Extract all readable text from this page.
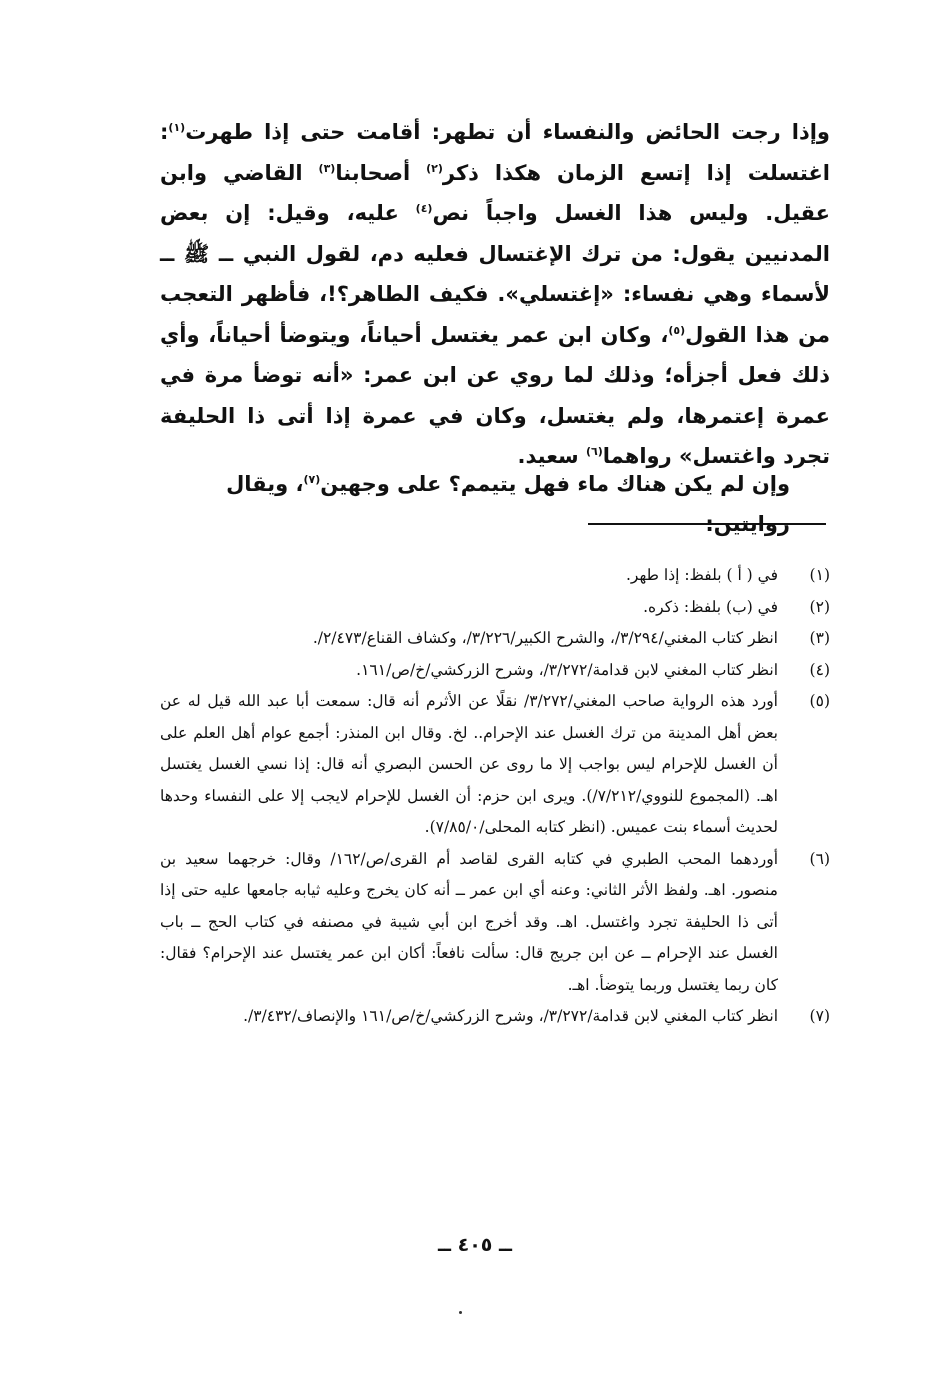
وإذا رجت الحائض والنفساء أن تطهر: أقامت حتى إذا طهرت$^{(١)}$: اغتسلت إذا إتسع الزمان هكذا ذكر$^{(٢)}$ أصحابنا$^{(٣)}$ القاضي وابن عقيل. وليس هذا الغسل واجباً نص$^{(٤)}$ عليه، وقيل: إن بعض المدنيين يقول: من ترك الإغتسال فعليه دم، لقول النبي ــ ﷺ ــ لأسماء وهي نفساء: «إغتسلي». فكيف الطاهر؟!، فأظهر التعجب من هذا القول$^{(٥)}$، وكان ابن عمر يغتسل أحياناً، ويتوضأ أحياناً، وأي ذلك فعل أجزأه؛ وذلك لما روي عن ابن عمر: «أنه توضأ مرة في عمرة إعتمرها، ولم يغتسل، وكان في عمرة إذا أتى ذا الحليفة تجرد واغتسل» رواهما$^{(٦)}$ سعيد.

وإن لم يكن هناك ماء فهل يتيمم؟ على وجهين$^{(٧)}$، ويقال روايتين:

(١)
في ( أ ) بلفظ: إذا طهر.
(٢)
في (ب) بلفظ: ذكره.
(٣)
انظر كتاب المغني/٣/٢٩٤/، والشرح الكبير/٣/٢٢٦/، وكشاف القناع/٢/٤٧٣/.
(٤)
انظر كتاب المغني لابن قدامة/٣/٢٧٢/، وشرح الزركشي/خ/ص/١٦١.
(٥)
أورد هذه الرواية صاحب المغني/٣/٢٧٢/ نقلًا عن الأثرم أنه قال: سمعت أبا عبد الله قيل له عن بعض أهل المدينة من ترك الغسل عند الإحرام.. لخ. وقال ابن المنذر: أجمع عوام أهل العلم على أن الغسل للإحرام ليس بواجب إلا ما روى عن الحسن البصري أنه قال: إذا نسي الغسل يغتسل اهـ. (المجموع للنووي/٧/٢١٢/). ويرى ابن حزم: أن الغسل للإحرام لايجب إلا على النفساء وحدها لحديث أسماء بنت عميس. (انظر كتابه المحلى/٧/٨٥/٠).
(٦)
أوردهما المحب الطبري في كتابه القرى لقاصد أم القرى/ص/١٦٢/ وقال: خرجهما سعيد بن منصور. اهـ. ولفظ الأثر الثاني: وعنه أي ابن عمر ــ أنه كان يخرج وعليه ثيابه جامعها عليه حتى إذا أتى ذا الحليفة تجرد واغتسل. اهـ. وقد أخرج ابن أبي شيبة في مصنفه في كتاب الحج ــ باب الغسل عند الإحرام ــ عن ابن جريج قال: سألت نافعاً: أكان ابن عمر يغتسل عند الإحرام؟ فقال: كان ربما يغتسل وربما يتوضأ. اهـ.
(٧)
انظر كتاب المغني لابن قدامة/٣/٢٧٢/، وشرح الزركشي/خ/ص/١٦١ والإنصاف/٣/٤٣٢/.
ــ ٤٠٥ ــ
